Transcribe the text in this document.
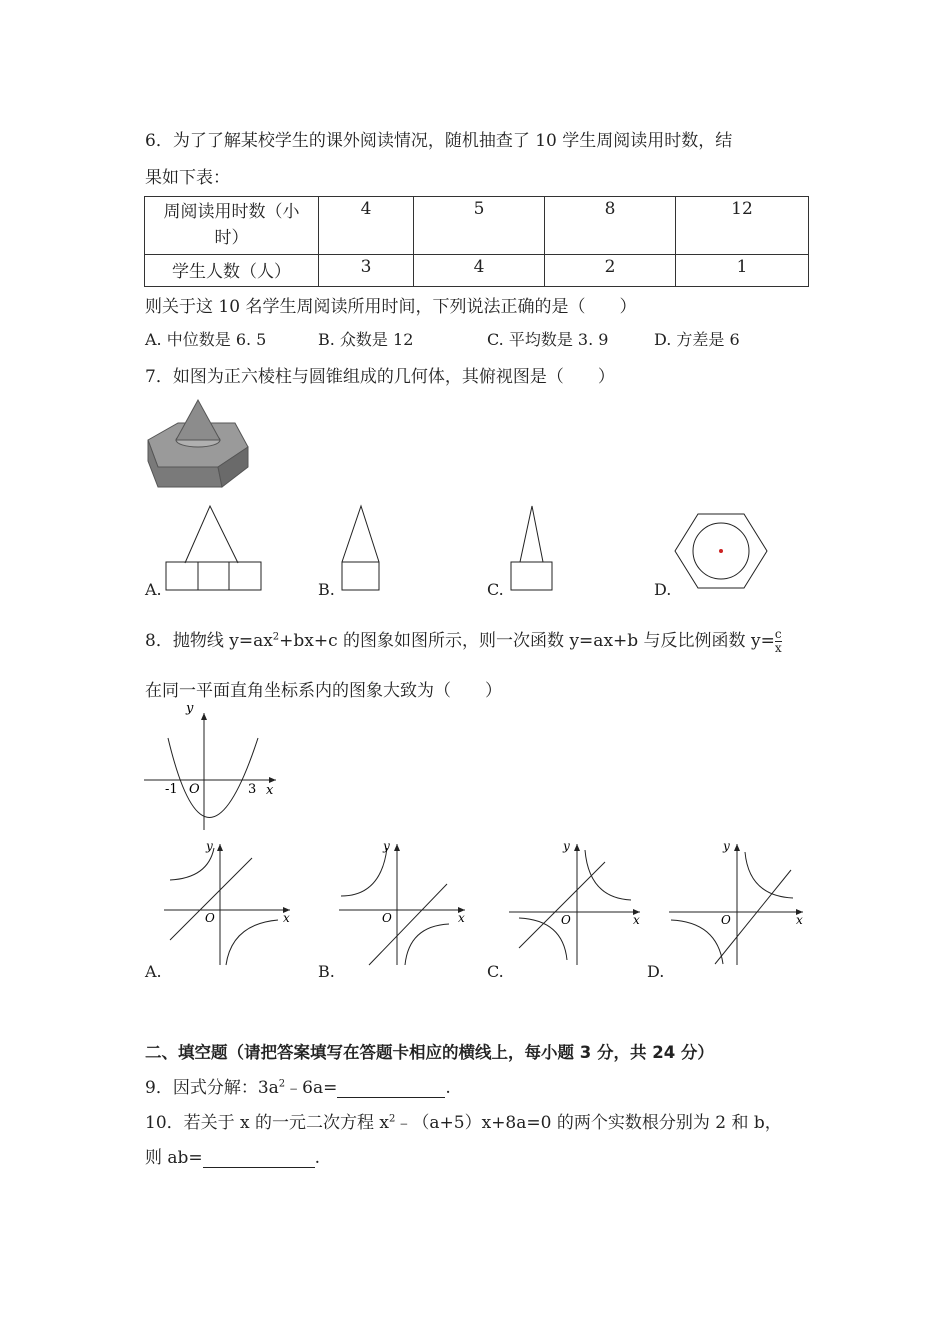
6．为了了解某校学生的课外阅读情况，随机抽查了 10 学生周阅读用时数，结
果如下表：
周阅读用时数（小时）	4	5	8	12
学生人数（人）	3	4	2	1
则关于这 10 名学生周阅读所用时间，下列说法正确的是（　　）
A. 中位数是 6. 5	B. 众数是 12	C. 平均数是 3. 9	D. 方差是 6
7．如图为正六棱柱与圆锥组成的几何体，其俯视图是（　　）
A.	B.	C.	D.
8．抛物线 $y=ax^2+bx+c$ 的图象如图所示，则一次函数 y=ax+b 与反比例函数 $y= \frac{c}{x}$
在同一平面直角坐标系内的图象大致为（　　）
y
x
O
-1	3
y
x
O
y
x
O
y
x
O
y
x
O
A.	B.	C.	D.
二、填空题（请把答案填写在答题卡相应的横线上，每小题 3 分，共 24 分）
9．因式分解：$3a^2﹣6a=$	.
10．若关于 x 的一元二次方程 $x^2﹣(a+5)x+8a=0$ 的两个实数根分别为 2 和 b，
则 ab=	.
